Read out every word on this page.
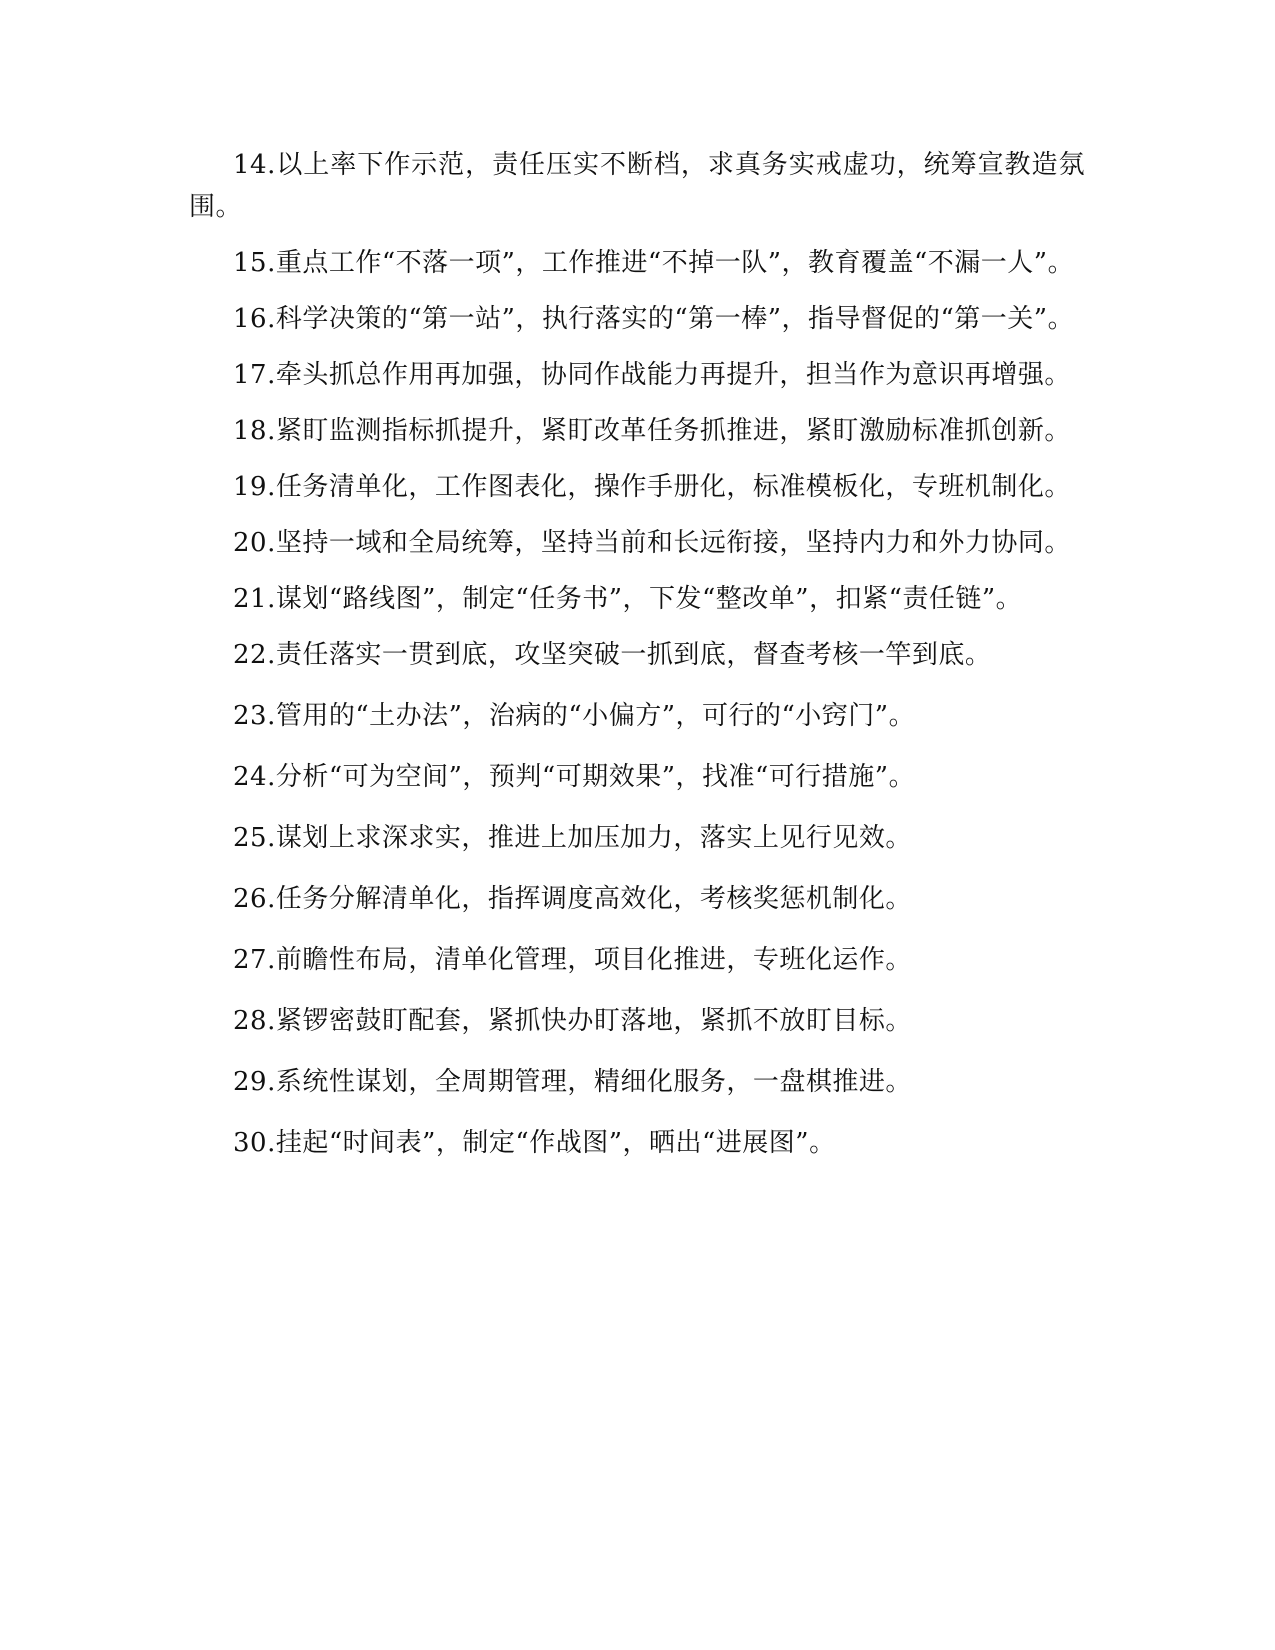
14.以上率下作示范，责任压实不断档，求真务实戒虚功，统筹宣教造氛围。

15.重点工作“不落一项”，工作推进“不掉一队”，教育覆盖“不漏一人”。

16.科学决策的“第一站”，执行落实的“第一棒”，指导督促的“第一关”。

17.牵头抓总作用再加强，协同作战能力再提升，担当作为意识再增强。

18.紧盯监测指标抓提升，紧盯改革任务抓推进，紧盯激励标准抓创新。

19.任务清单化，工作图表化，操作手册化，标准模板化，专班机制化。

20.坚持一域和全局统筹，坚持当前和长远衔接，坚持内力和外力协同。

21.谋划“路线图”，制定“任务书”，下发“整改单”，扣紧“责任链”。

22.责任落实一贯到底，攻坚突破一抓到底，督查考核一竿到底。

23.管用的“土办法”，治病的“小偏方”，可行的“小窍门”。

24.分析“可为空间”，预判“可期效果”，找准“可行措施”。

25.谋划上求深求实，推进上加压加力，落实上见行见效。

26.任务分解清单化，指挥调度高效化，考核奖惩机制化。

27.前瞻性布局，清单化管理，项目化推进，专班化运作。

28.紧锣密鼓盯配套，紧抓快办盯落地，紧抓不放盯目标。

29.系统性谋划，全周期管理，精细化服务，一盘棋推进。

30.挂起“时间表”，制定“作战图”，晒出“进展图”。
